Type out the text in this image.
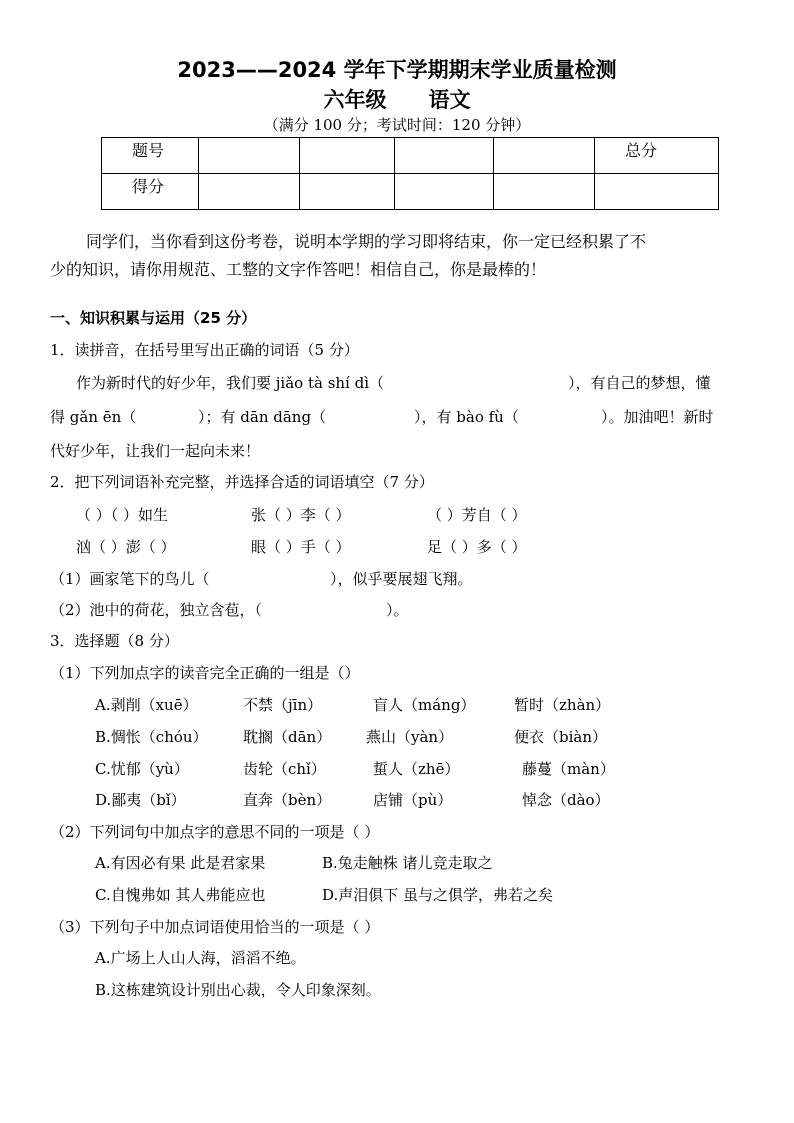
2023——2024 学年下学期期末学业质量检测
六年级 语文
（满分 100 分；考试时间：120 分钟）
题号					总分
得分					
同学们，当你看到这份考卷，说明本学期的学习即将结束，你一定已经积累了不
少的知识，请你用规范、工整的文字作答吧！相信自己，你是最棒的！
一、知识积累与运用（25 分）
1．读拼音，在括号里写出正确的词语（5 分）
作为新时代的好少年，我们要 jiǎo tà shí dì（	），有自己的梦想，懂
得 gǎn ēn（	）；有 dān dāng（	），有 bào fù（	）。加油吧！新时
代好少年，让我们一起向未来！
2．把下列词语补充完整，并选择合适的词语填空（7 分）
（ ）（ ）如生	张（ ）李（ ）	（ ）芳自（ ）
汹（ ）澎（ ）	眼（ ）手（ ）	足（ ）多（ ）
（1）画家笔下的鸟儿（	），似乎要展翅飞翔。
（2）池中的荷花，独立含苞，（	）。
3．选择题（8 分）
（1）下列加点字的读音完全正确的一组是（）
A.剥削（xuē）	不禁（jīn）	盲人（máng）	暂时（zhàn）
B.惆怅（chóu） 耽搁（dān） 燕山（yàn）	便衣（biàn）
C.忧郁（yù）	齿轮（chǐ）	蜇人（zhē）	藤蔓（màn）
D.鄙夷（bǐ）	直奔（bèn）	店铺（pù）	悼念（dào）
（2）下列词句中加点字的意思不同的一项是（ ）
A.有因必有果 此是君家果	B.兔走触株 诸儿竞走取之
C.自愧弗如 其人弗能应也	D.声泪俱下 虽与之俱学，弗若之矣
（3）下列句子中加点词语使用恰当的一项是（ ）
A.广场上人山人海，滔滔不绝。
B.这栋建筑设计别出心裁，令人印象深刻。
